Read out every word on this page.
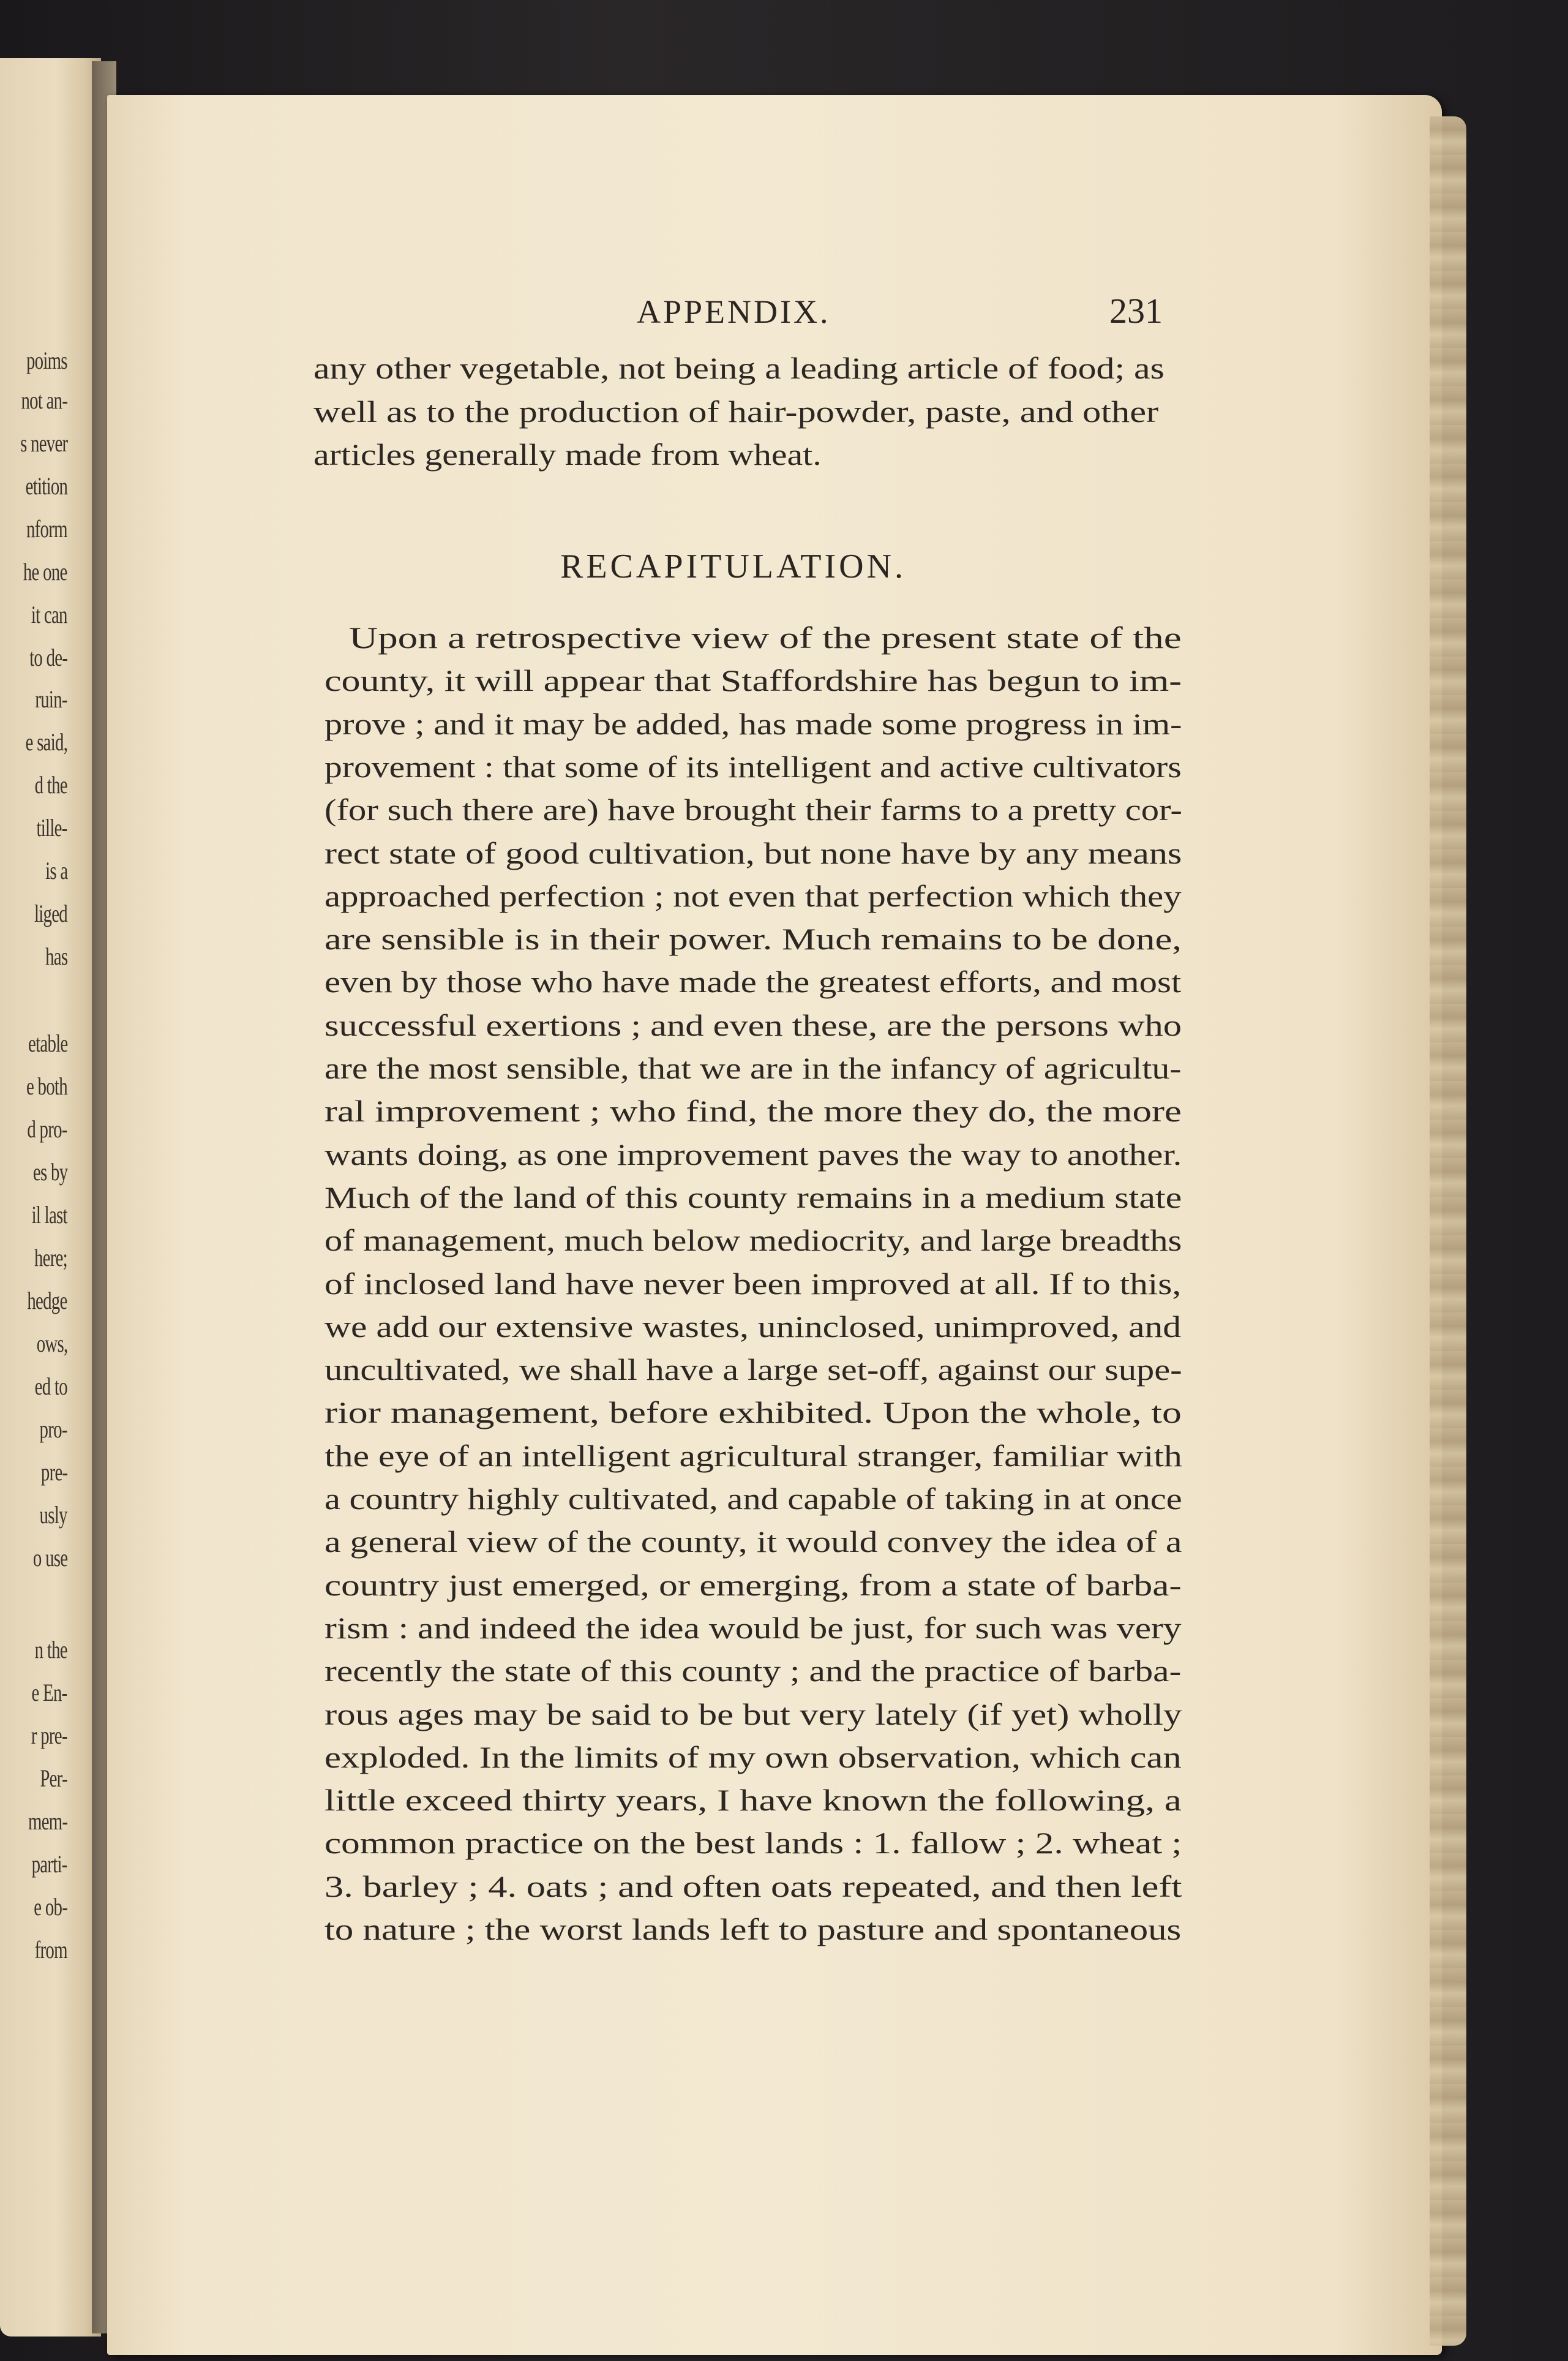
poims
not an-
s never
etition
nform
he one
it can
to de-
ruin-
e said,
d the
tille-
is a
liged
has
etable
e both
d pro-
es by
il last
here;
hedge
ows,
ed to
pro-
pre-
usly
o use
n the
e En-
r pre-
Per-
mem-
parti-
e ob-
from
APPENDIX.	231
any other vegetable, not being a leading article of food; as
well as to the production of hair-powder, paste, and other
articles generally made from wheat.
RECAPITULATION.
Upon a retrospective view of the present state of the
county, it will appear that Staffordshire has begun to im-
prove ; and it may be added, has made some progress in im-
provement : that some of its intelligent and active cultivators
(for such there are) have brought their farms to a pretty cor-
rect state of good cultivation, but none have by any means
approached perfection ; not even that perfection which they
are sensible is in their power. Much remains to be done,
even by those who have made the greatest efforts, and most
successful exertions ; and even these, are the persons who
are the most sensible, that we are in the infancy of agricultu-
ral improvement ; who find, the more they do, the more
wants doing, as one improvement paves the way to another.
Much of the land of this county remains in a medium state
of management, much below mediocrity, and large breadths
of inclosed land have never been improved at all. If to this,
we add our extensive wastes, uninclosed, unimproved, and
uncultivated, we shall have a large set-off, against our supe-
rior management, before exhibited. Upon the whole, to
the eye of an intelligent agricultural stranger, familiar with
a country highly cultivated, and capable of taking in at once
a general view of the county, it would convey the idea of a
country just emerged, or emerging, from a state of barba-
rism : and indeed the idea would be just, for such was very
recently the state of this county ; and the practice of barba-
rous ages may be said to be but very lately (if yet) wholly
exploded. In the limits of my own observation, which can
little exceed thirty years, I have known the following, a
common practice on the best lands : 1. fallow ; 2. wheat ;
3. barley ; 4. oats ; and often oats repeated, and then left
to nature ; the worst lands left to pasture and spontaneous
